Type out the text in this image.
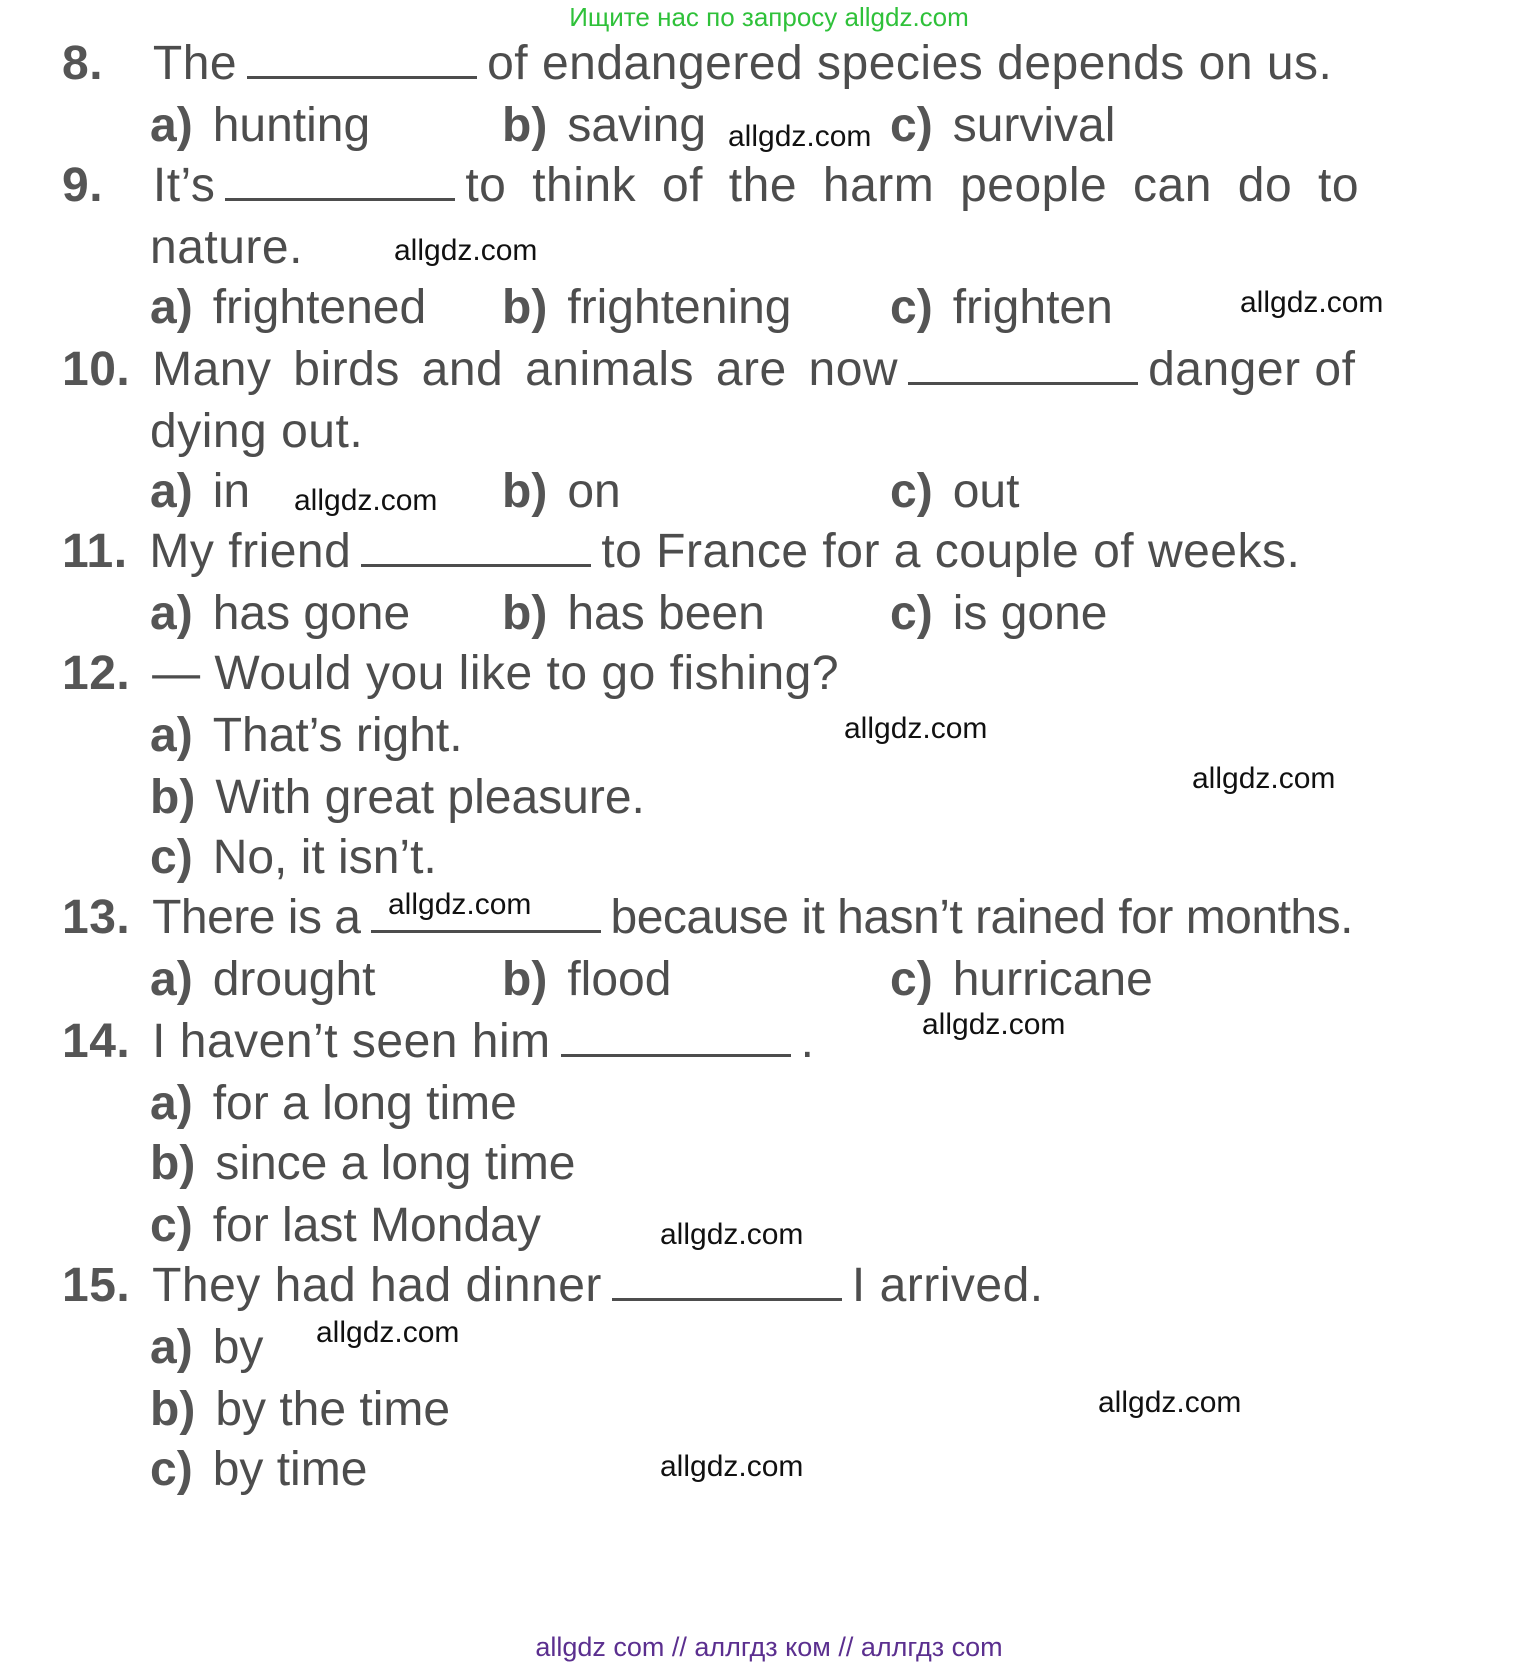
Ищите нас по запросу allgdz.com
8. The	of endangered species depends on us.
a) hunting	b) saving	c) survival
9. It’s	to think of the harm people can do to
nature.
a) frightened b) frightening c) frighten
10. Many birds and animals are now	danger of
dying out.
a) in	b) on	c) out
11. My friend	to France for a couple of weeks.
a) has gone b) has been	c) is gone
12. — Would you like to go fishing?
a) That’s right.
b) With great pleasure.
c) No, it isn’t.
13. There is a	because it hasn’t rained for months.
a) drought	b) flood	c) hurricane
14. I haven’t seen him	.
a) for a long time
b) since a long time
c) for last Monday
15. They had had dinner	I arrived.
a) by
b) by the time
c) by time
allgdz.com
allgdz.com
allgdz.com
allgdz.com
allgdz.com
allgdz.com
allgdz.com
allgdz.com
allgdz.com
allgdz.com
allgdz.com
allgdz.com
allgdz com // аллгдз ком // аллгдз com
